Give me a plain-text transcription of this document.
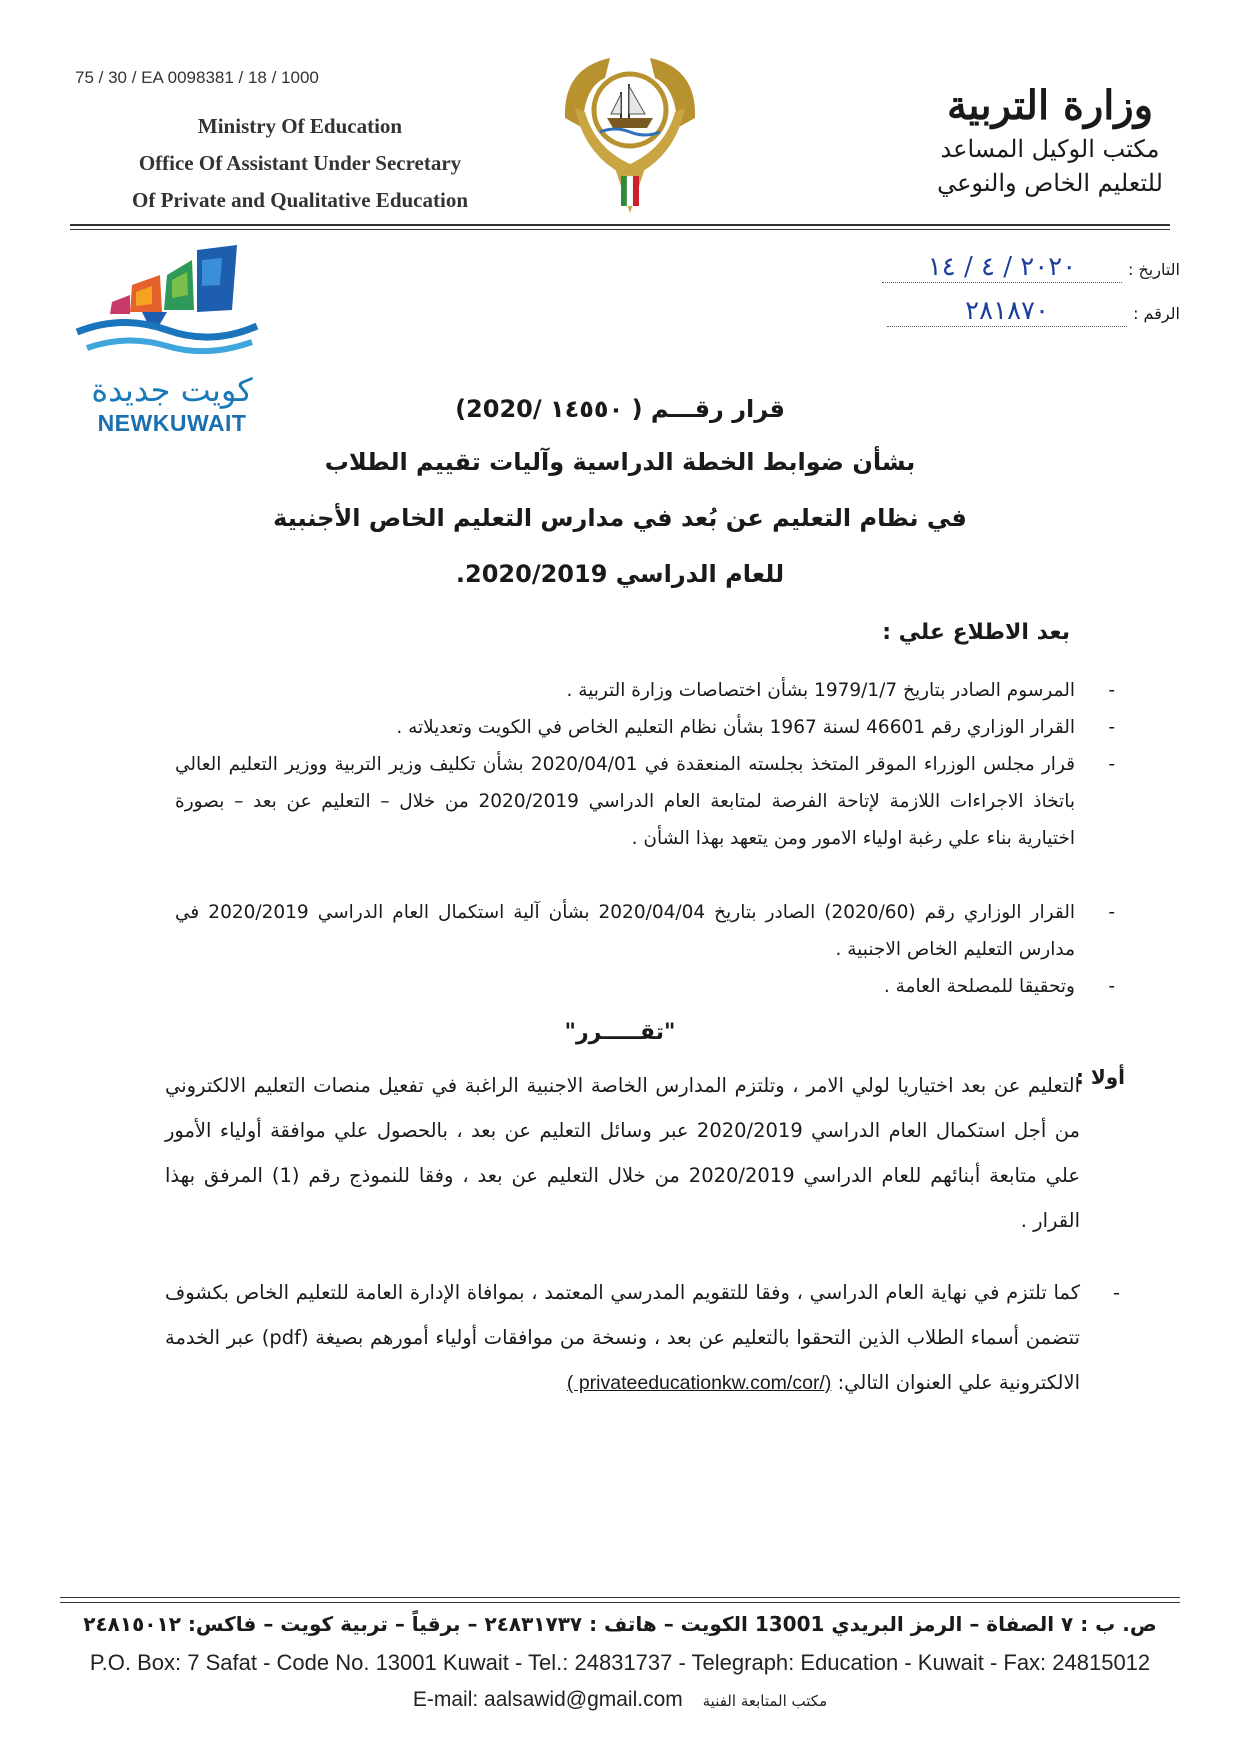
75 / 30 / EA 0098381 / 18 / 1000
Ministry Of Education
Office Of Assistant Under Secretary
Of Private and Qualitative Education
وزارة التربية
مكتب الوكيل المساعد
للتعليم الخاص والنوعي
التاريخ :
٢٠٢٠ / ٤ / ١٤
الرقم :
٢٨١٨٧٠
كويت جديدة
NEWKUWAIT	قرار رقـــم ( ١٤٥٥٠ /2020)
بشأن ضوابط الخطة الدراسية وآليات تقييم الطلاب
في نظام التعليم عن بُعد في مدارس التعليم الخاص الأجنبية
للعام الدراسي 2020/2019.
بعد الاطلاع علي :
-
المرسوم الصادر بتاريخ 1979/1/7 بشأن اختصاصات وزارة التربية .
-
القرار الوزاري رقم 46601 لسنة 1967 بشأن نظام التعليم الخاص في الكويت وتعديلاته .
-
قرار مجلس الوزراء الموقر المتخذ بجلسته المنعقدة في 2020/04/01 بشأن تكليف وزير التربية ووزير التعليم العالي باتخاذ الاجراءات اللازمة لإتاحة الفرصة لمتابعة العام الدراسي 2020/2019 من خلال – التعليم عن بعد – بصورة اختيارية بناء علي رغبة اولياء الامور ومن يتعهد بهذا الشأن .
-
القرار الوزاري رقم (2020/60) الصادر بتاريخ 2020/04/04 بشأن آلية استكمال العام الدراسي 2020/2019 في مدارس التعليم الخاص الاجنبية .
-
وتحقيقا للمصلحة العامة .
"تقـــــرر"
أولا :
التعليم عن بعد اختياريا لولي الامر ، وتلتزم المدارس الخاصة الاجنبية الراغبة في تفعيل منصات التعليم الالكتروني من أجل استكمال العام الدراسي 2020/2019 عبر وسائل التعليم عن بعد ، بالحصول علي موافقة أولياء الأمور علي متابعة أبنائهم للعام الدراسي 2020/2019 من خلال التعليم عن بعد ، وفقا للنموذج رقم (1) المرفق بهذا القرار .
-
كما تلتزم في نهاية العام الدراسي ، وفقا للتقويم المدرسي المعتمد ، بموافاة الإدارة العامة للتعليم الخاص بكشوف تتضمن أسماء الطلاب الذين التحقوا بالتعليم عن بعد ، ونسخة من موافقات أولياء أمورهم بصيغة (pdf) عبر الخدمة الالكترونية علي العنوان التالي: ( privateeducationkw.com/cor/)
ص. ب : ٧ الصفاة – الرمز البريدي 13001 الكويت – هاتف : ٢٤٨٣١٧٣٧ – برقياً – تربية كويت – فاكس: ٢٤٨١٥٠١٢
P.O. Box: 7 Safat - Code No. 13001 Kuwait - Tel.: 24831737 - Telegraph: Education - Kuwait - Fax: 24815012
E-mail: aalsawid@gmail.com مكتب المتابعة الفنية
